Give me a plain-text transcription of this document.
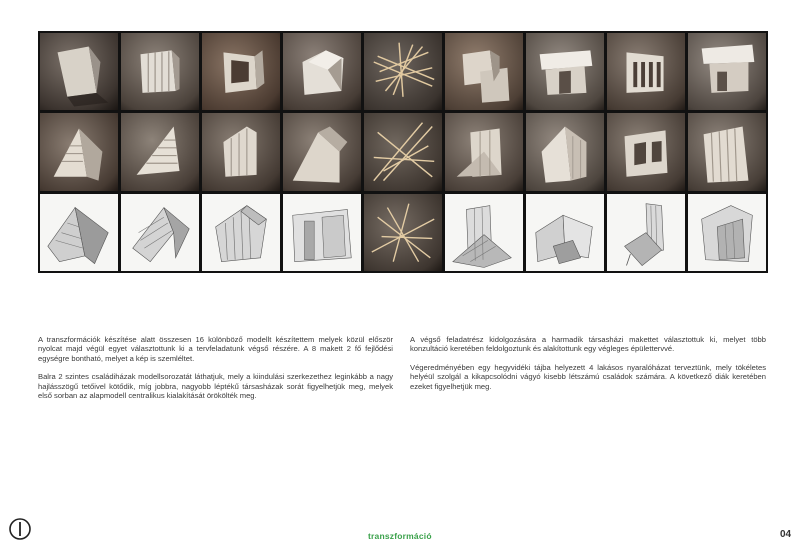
A transzformációk készítése alatt összesen 16 különböző modellt készítettem melyek közül először nyolcat majd végül egyet választottunk ki a tervfeladatunk végső részére. A 8 makett 2 fő fejlődési egységre bontható, melyet a kép is szemléltet.

Balra 2 szintes családiházak modellsorozatát láthatjuk, mely a kiindulási szerkezethez leginkább a nagy hajlásszögű tetőivel kötődik, míg jobbra, nagyobb léptékű társasházak sorát figyelhetjük meg, melyek első sorban az alapmodell centralikus kialakítását örökölték meg.

A végső feladatrész kidolgozására a harmadik társasházi makettet választottuk ki, melyet több konzultáció keretében feldolgoztunk és alakítottunk egy végleges épülettervvé.

Végeredményében egy hegyvidéki tájba helyezett 4 lakásos nyaralóházat terveztünk, mely tökéletes helyéül szolgál a kikapcsolódni vágyó kisebb létszámú családok számára. A következő diák keretében ezeket figyelhetjük meg.

transzformáció	04
